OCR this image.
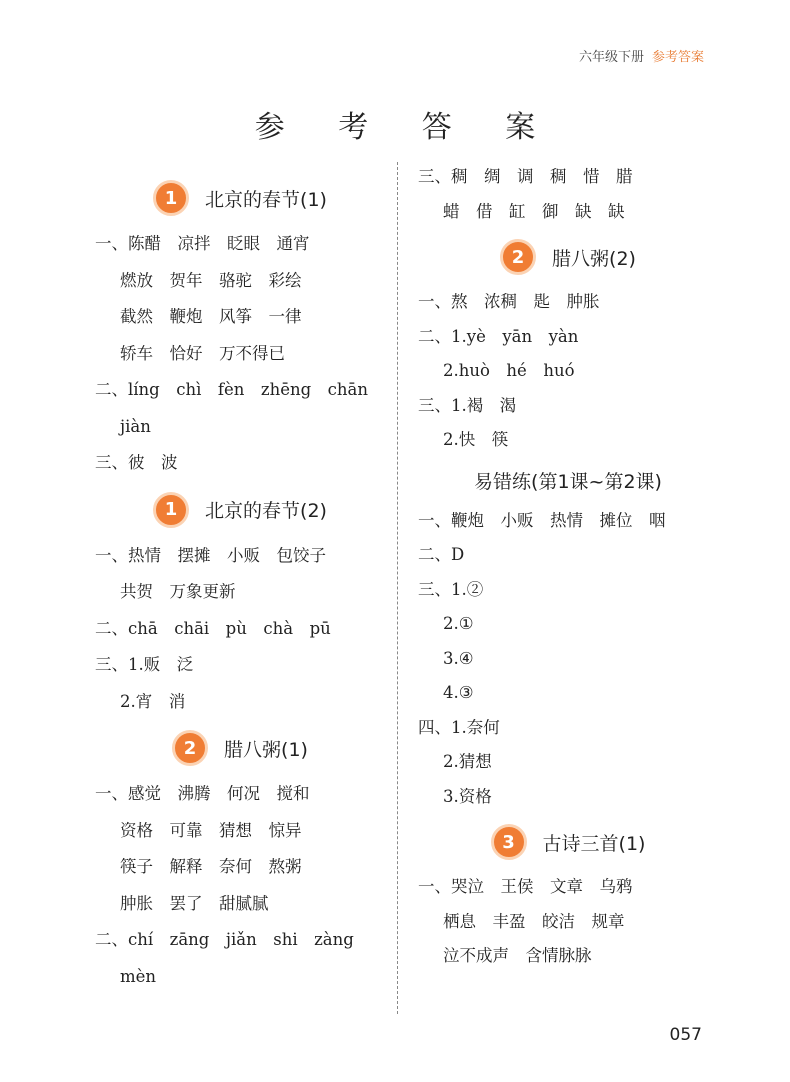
六年级下册 参考答案
参 考 答 案
1	北京的春节(1)
一、陈醋　凉拌　眨眼　通宵
燃放　贺年　骆驼　彩绘
截然　鞭炮　风筝　一律
轿车　恰好　万不得已
二、líng　chì　fèn　zhēng　chān
jiàn
三、彼　波
1	北京的春节(2)
一、热情　摆摊　小贩　包饺子
共贺　万象更新
二、chā　chāi　pù　chà　pū
三、1.贩　泛
2.宵　消
2	腊八粥(1)
一、感觉　沸腾　何况　搅和
资格　可靠　猜想　惊异
筷子　解释　奈何　熬粥
肿胀　罢了　甜腻腻
二、chí　zāng　jiǎn　shi　zàng
mèn
三、稠　绸　调　稠　惜　腊
蜡　借　缸　御　缺　缺
2	腊八粥(2)
一、熬　浓稠　匙　肿胀
二、1.yè　yān　yàn
2.huò　hé　huó
三、1.褐　渴
2.快　筷
易错练(第1课~第2课)
一、鞭炮　小贩　热情　摊位　咽
二、D
三、1.②
2.①
3.④
4.③
四、1.奈何
2.猜想
3.资格
3	古诗三首(1)
一、哭泣　王侯　文章　乌鸦
栖息　丰盈　皎洁　规章
泣不成声　含情脉脉
057
